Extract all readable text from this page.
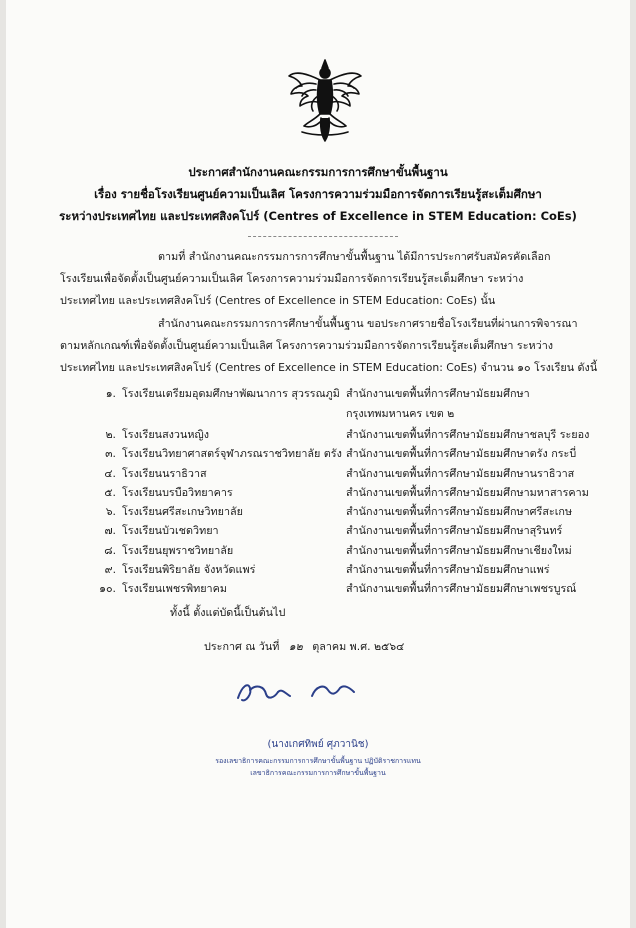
ประกาศสำนักงานคณะกรรมการการศึกษาขั้นพื้นฐาน
เรื่อง รายชื่อโรงเรียนศูนย์ความเป็นเลิศ โครงการความร่วมมือการจัดการเรียนรู้สะเต็มศึกษา
ระหว่างประเทศไทย และประเทศสิงคโปร์ (Centres of Excellence in STEM Education: CoEs)
ตามที่ สำนักงานคณะกรรมการการศึกษาขั้นพื้นฐาน ได้มีการประกาศรับสมัครคัดเลือก
โรงเรียนเพื่อจัดตั้งเป็นศูนย์ความเป็นเลิศ โครงการความร่วมมือการจัดการเรียนรู้สะเต็มศึกษา ระหว่าง
ประเทศไทย และประเทศสิงคโปร์ (Centres of Excellence in STEM Education: CoEs) นั้น
สำนักงานคณะกรรมการการศึกษาขั้นพื้นฐาน ขอประกาศรายชื่อโรงเรียนที่ผ่านการพิจารณา
ตามหลักเกณฑ์เพื่อจัดตั้งเป็นศูนย์ความเป็นเลิศ โครงการความร่วมมือการจัดการเรียนรู้สะเต็มศึกษา ระหว่าง
ประเทศไทย และประเทศสิงคโปร์ (Centres of Excellence in STEM Education: CoEs) จำนวน ๑๐ โรงเรียน ดังนี้
๑. โรงเรียนเตรียมอุดมศึกษาพัฒนาการ สุวรรณภูมิ สำนักงานเขตพื้นที่การศึกษามัธยมศึกษา
กรุงเทพมหานคร เขต ๒
๒. โรงเรียนสงวนหญิง	สำนักงานเขตพื้นที่การศึกษามัธยมศึกษาชลบุรี ระยอง
๓. โรงเรียนวิทยาศาสตร์จุฬาภรณราชวิทยาลัย ตรัง สำนักงานเขตพื้นที่การศึกษามัธยมศึกษาตรัง กระบี่
๔. โรงเรียนนราธิวาส	สำนักงานเขตพื้นที่การศึกษามัธยมศึกษานราธิวาส
๕. โรงเรียนบรบือวิทยาคาร	สำนักงานเขตพื้นที่การศึกษามัธยมศึกษามหาสารคาม
๖. โรงเรียนศรีสะเกษวิทยาลัย	สำนักงานเขตพื้นที่การศึกษามัธยมศึกษาศรีสะเกษ
๗. โรงเรียนบัวเชดวิทยา	สำนักงานเขตพื้นที่การศึกษามัธยมศึกษาสุรินทร์
๘. โรงเรียนยุพราชวิทยาลัย	สำนักงานเขตพื้นที่การศึกษามัธยมศึกษาเชียงใหม่
๙. โรงเรียนพิริยาลัย จังหวัดแพร่	สำนักงานเขตพื้นที่การศึกษามัธยมศึกษาแพร่
๑๐. โรงเรียนเพชรพิทยาคม	สำนักงานเขตพื้นที่การศึกษามัธยมศึกษาเพชรบูรณ์
ทั้งนี้ ตั้งแต่บัดนี้เป็นต้นไป
ประกาศ ณ วันที่ ๑๒ ตุลาคม พ.ศ. ๒๕๖๔
(นางเกศทิพย์ ศุภวานิช)
รองเลขาธิการคณะกรรมการการศึกษาขั้นพื้นฐาน ปฏิบัติราชการแทน
เลขาธิการคณะกรรมการการศึกษาขั้นพื้นฐาน
